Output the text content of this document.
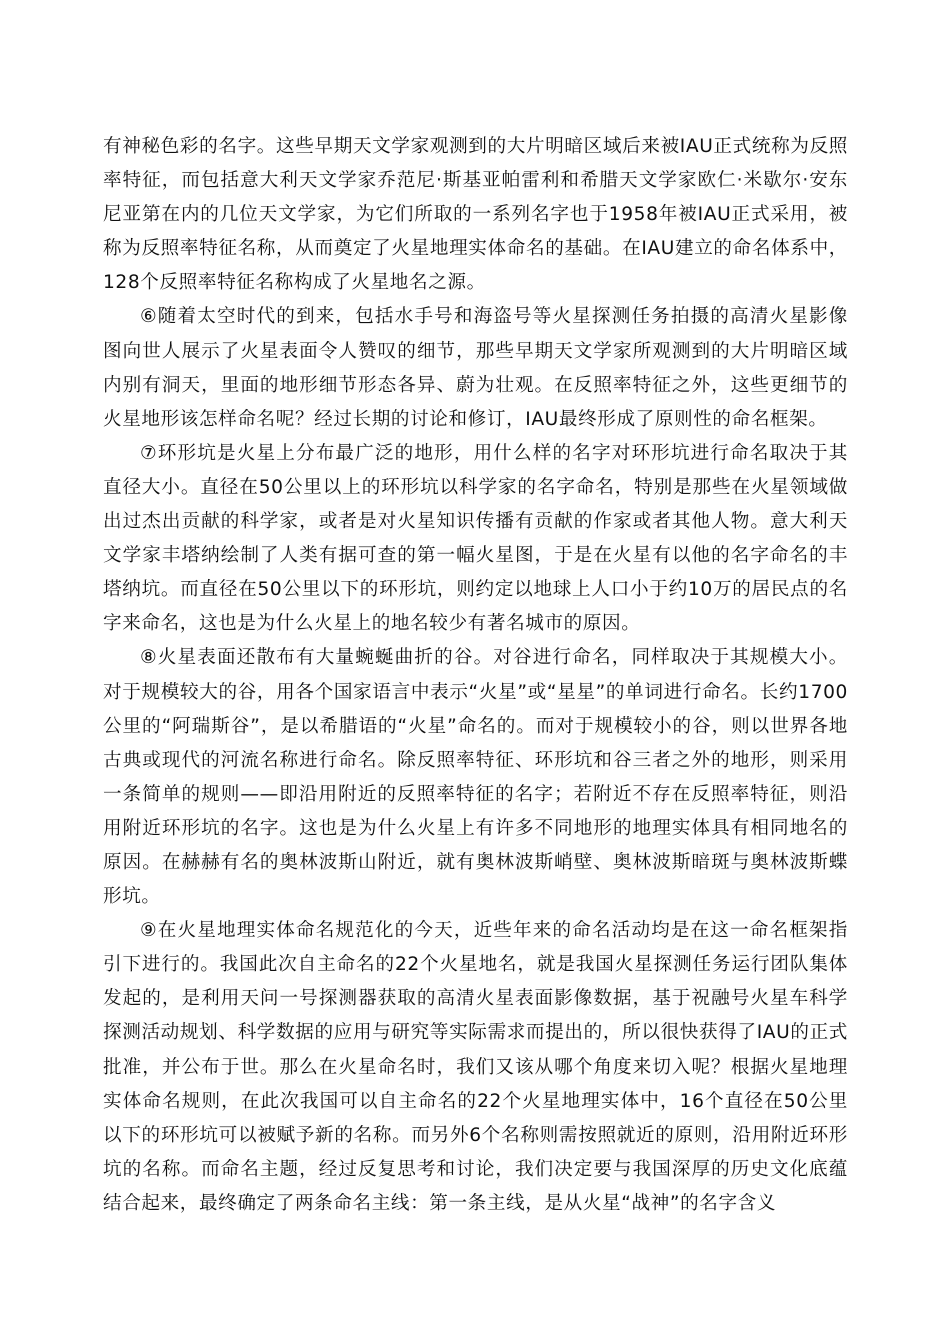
有神秘色彩的名字。这些早期天文学家观测到的大片明暗区域后来被IAU正式统称为反照率特征，而包括意大利天文学家乔范尼·斯基亚帕雷利和希腊天文学家欧仁·米歇尔·安东尼亚第在内的几位天文学家，为它们所取的一系列名字也于1958年被IAU正式采用，被称为反照率特征名称，从而奠定了火星地理实体命名的基础。在IAU建立的命名体系中，128个反照率特征名称构成了火星地名之源。

⑥随着太空时代的到来，包括水手号和海盗号等火星探测任务拍摄的高清火星影像图向世人展示了火星表面令人赞叹的细节，那些早期天文学家所观测到的大片明暗区域内别有洞天，里面的地形细节形态各异、蔚为壮观。在反照率特征之外，这些更细节的火星地形该怎样命名呢？经过长期的讨论和修订，IAU最终形成了原则性的命名框架。

⑦环形坑是火星上分布最广泛的地形，用什么样的名字对环形坑进行命名取决于其直径大小。直径在50公里以上的环形坑以科学家的名字命名，特别是那些在火星领域做出过杰出贡献的科学家，或者是对火星知识传播有贡献的作家或者其他人物。意大利天文学家丰塔纳绘制了人类有据可查的第一幅火星图，于是在火星有以他的名字命名的丰塔纳坑。而直径在50公里以下的环形坑，则约定以地球上人口小于约10万的居民点的名字来命名，这也是为什么火星上的地名较少有著名城市的原因。

⑧火星表面还散布有大量蜿蜒曲折的谷。对谷进行命名，同样取决于其规模大小。对于规模较大的谷，用各个国家语言中表示“火星”或“星星”的单词进行命名。长约1700公里的“阿瑞斯谷”，是以希腊语的“火星”命名的。而对于规模较小的谷，则以世界各地古典或现代的河流名称进行命名。除反照率特征、环形坑和谷三者之外的地形，则采用一条简单的规则——即沿用附近的反照率特征的名字；若附近不存在反照率特征，则沿用附近环形坑的名字。这也是为什么火星上有许多不同地形的地理实体具有相同地名的原因。在赫赫有名的奥林波斯山附近，就有奥林波斯峭壁、奥林波斯暗斑与奥林波斯蝶形坑。

⑨在火星地理实体命名规范化的今天，近些年来的命名活动均是在这一命名框架指引下进行的。我国此次自主命名的22个火星地名，就是我国火星探测任务运行团队集体发起的，是利用天问一号探测器获取的高清火星表面影像数据，基于祝融号火星车科学探测活动规划、科学数据的应用与研究等实际需求而提出的，所以很快获得了IAU的正式批准，并公布于世。那么在火星命名时，我们又该从哪个角度来切入呢？根据火星地理实体命名规则，在此次我国可以自主命名的22个火星地理实体中，16个直径在50公里以下的环形坑可以被赋予新的名称。而另外6个名称则需按照就近的原则，沿用附近环形坑的名称。而命名主题，经过反复思考和讨论，我们决定要与我国深厚的历史文化底蕴结合起来，最终确定了两条命名主线：第一条主线，是从火星“战神”的名字含义
